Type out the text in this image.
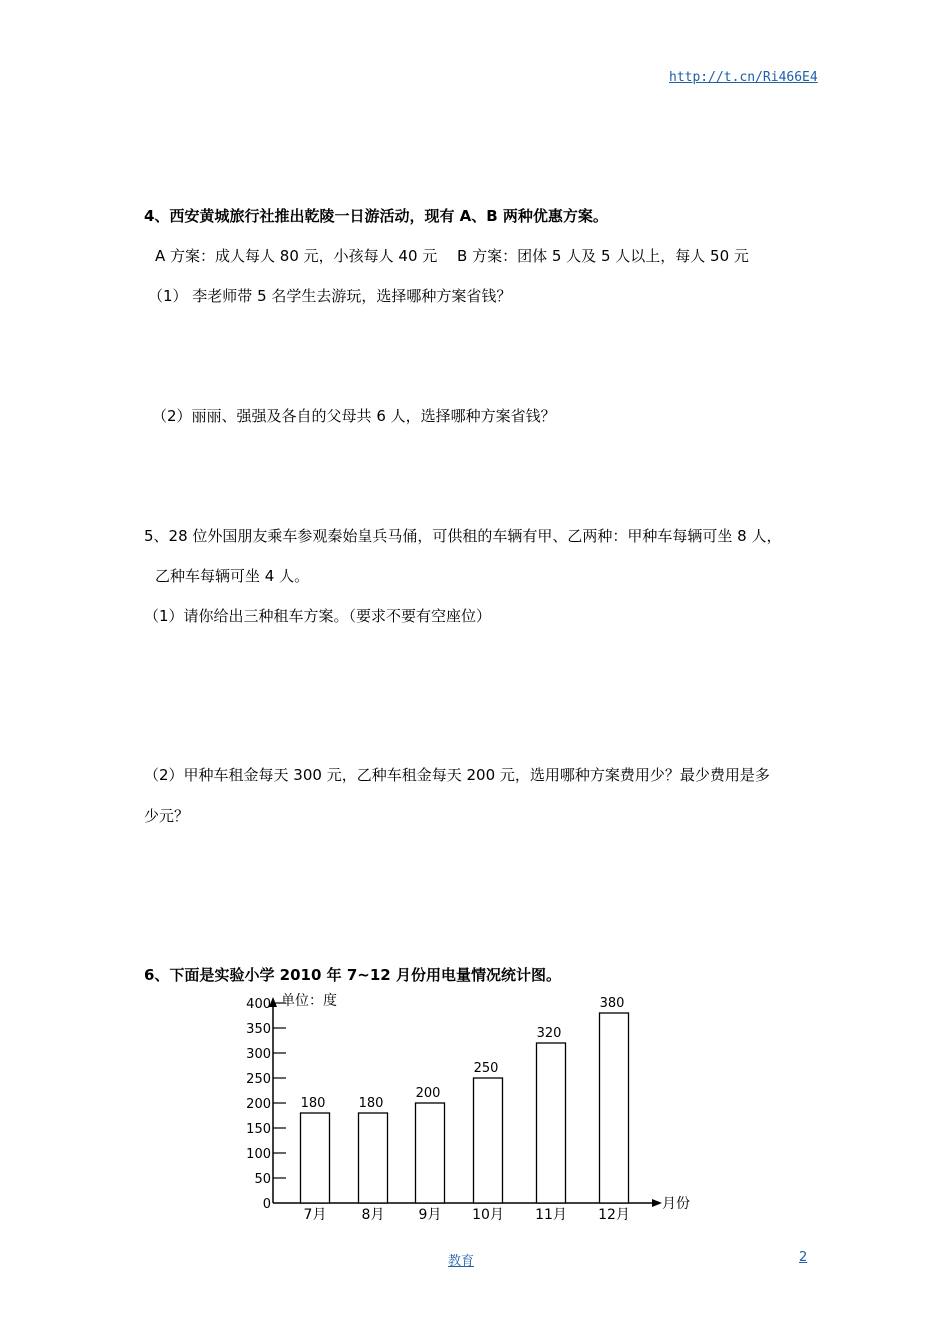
http://t.cn/Ri466E4
4、西安黄城旅行社推出乾陵一日游活动，现有 A、B 两种优惠方案。
A 方案：成人每人 80 元，小孩每人 40 元 　B 方案：团体 5 人及 5 人以上，每人 50 元
（1） 李老师带 5 名学生去游玩，选择哪种方案省钱？
（2）丽丽、强强及各自的父母共 6 人，选择哪种方案省钱？
5、28 位外国朋友乘车参观秦始皇兵马俑，可供租的车辆有甲、乙两种：甲种车每辆可坐 8 人，
乙种车每辆可坐 4 人。
（1）请你给出三种租车方案。（要求不要有空座位）
（2）甲种车租金每天 300 元，乙种车租金每天 200 元，选用哪种方案费用少？最少费用是多
少元？
6、下面是实验小学 2010 年 7~12 月份用电量情况统计图。
0
50
100
150
200
250
300
350
400 单位：度
月份
180
7月
180
8月
200
9月
250
10月
320
11月
380
12月
教育	2
